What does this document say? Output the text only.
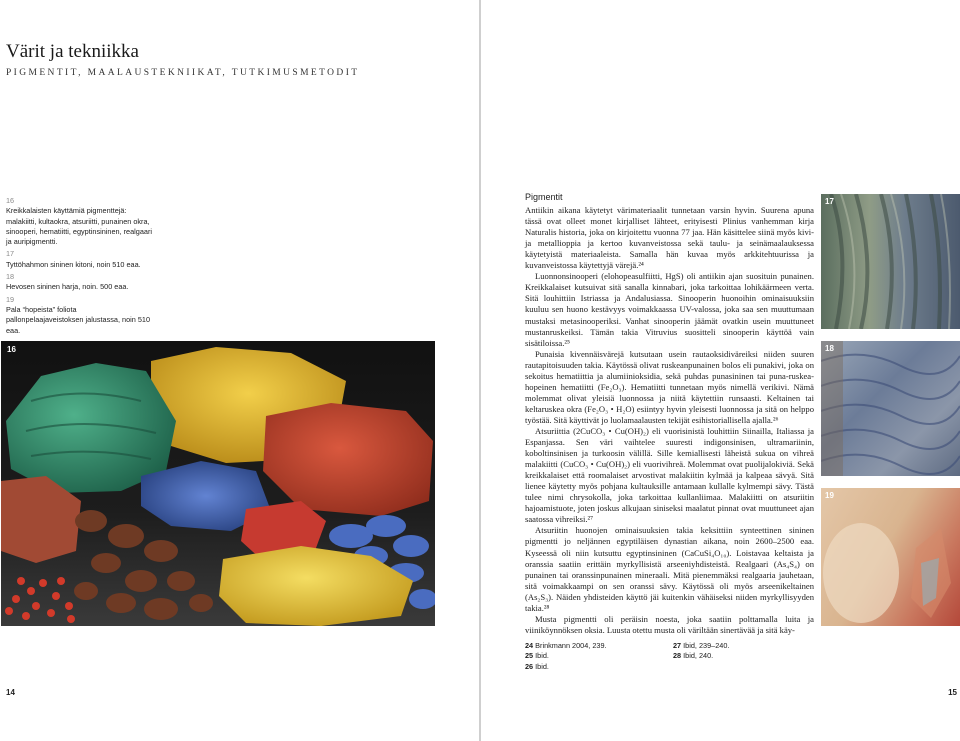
Värit ja tekniikka
PIGMENTIT, MAALAUSTEKNIIKAT, TUTKIMUSMETODIT
16
Kreikkalaisten käyttämiä pigmenttejä: malakiitti, kultaokra, atsuriitti, punainen okra, sinooperi, hematiitti, egyptinsininen, realgaari ja auripigmentti.
17
Tyttöhahmon sininen kitoni, noin 510 eaa.
18
Hevosen sininen harja, noin. 500 eaa.
19
Pala “hopeista” foliota pallonpelaajaveistoksen jalustassa, noin 510 eaa.
16
14
Pigmentit

Antiikin aikana käytetyt värimateriaalit tunnetaan varsin hyvin. Suurena apuna tässä ovat olleet monet kirjalliset lähteet, erityisesti Plinius vanhemman kirja Naturalis historia, joka on kirjoitettu vuonna 77 jaa. Hän käsittelee siinä myös kivi- ja metallioppia ja kertoo kuvanveistossa sekä taulu- ja seinämaalauksessa käytetyistä materiaaleista. Samalla hän kuvaa myös arkkitehtuurissa ja kuvanveistossa käytettyjä värejä.²⁴

Luonnonsinooperi (elohopeasulfiitti, HgS) oli antiikin ajan suosituin punainen. Kreikkalaiset kutsuivat sitä sanalla kinnabari, joka tarkoittaa lohikäärmeen verta. Sitä louhittiin Istriassa ja Andalusiassa. Sinooperin huonoihin ominaisuuksiin kuuluu sen huono kestävyys voimakkaassa UV-valossa, joka saa sen muuttumaan mustaksi metasinooperiksi. Vanhat sinooperin jäämät ovatkin usein muuttuneet mustanruskeiksi. Tämän takia Vitruvius suositteli sinooperin käyttöä vain sisätiloissa.²⁵

Punaisia kivennäisvärejä kutsutaan usein rautaoksidiväreiksi niiden suuren rautapitoisuuden takia. Käytössä olivat ruskeanpunainen bolos eli punakivi, joka on sekoitus hematiittia ja alumiinioksidia, sekä puhdas punasininen tai puna-ruskea-hopeinen hematiitti (Fe₂O₃). Hematiitti tunnetaan myös nimellä verikivi. Nämä molemmat olivat yleisiä luonnossa ja niitä käytettiin runsaasti. Keltainen tai keltaruskea okra (Fe₂O₃ • H₂O) esiintyy hyvin yleisesti luonnossa ja sitä on helppo työstää. Sitä käyttivät jo luolamaalausten tekijät esihistoriallisella ajalla.²⁶

Atsuriittia (2CuCO₃ • Cu(OH)₂) eli vuorisinistä louhittiin Siinailla, Italiassa ja Espanjassa. Sen väri vaihtelee suuresti indigonsinisen, ultramariinin, koboltinsinisen ja turkoosin välillä. Sille kemiallisesti läheistä sukua on vihreä malakiitti (CuCO₃ • Cu(OH)₂) eli vuorivihreä. Molemmat ovat puolijalokiviä. Sekä kreikkalaiset että roomalaiset arvostivat malakiitin kylmää ja kalpeaa sävyä. Sitä lienee käytetty myös pohjana kultauksille antamaan kullalle kylmempi sävy. Tästä tulee nimi chrysokolla, joka tarkoittaa kullanliimaa. Malakiitti on atsuriitin hajoamistuote, joten joskus alkujaan siniseksi maalatut pinnat ovat muuttuneet ajan saatossa vihreiksi.²⁷

Atsuriitin huonojen ominaisuuksien takia keksittiin synteettinen sininen pigmentti jo neljännen egyptiläisen dynastian aikana, noin 2600–2500 eaa. Kyseessä oli niin kutsuttu egyptinsininen (CaCuSi₄O₁₀). Loistavaa keltaista ja oranssia saatiin erittäin myrkyllisistä arseeniyhdisteistä. Realgaari (As₄S₄) on punainen tai oranssinpunainen mineraali. Mitä pienemmäksi realgaaria jauhetaan, sitä voimakkaampi on sen oranssi sävy. Käytössä oli myös arseenikeltainen (As₂S₃). Näiden yhdisteiden käyttö jäi kuitenkin vähäiseksi niiden myrkyllisyyden takia.²⁸

Musta pigmentti oli peräisin noesta, joka saatiin polttamalla luita ja viiniköynnöksen oksia. Luusta otettu musta oli väriltään sinertävää ja sitä käy-

24 Brinkmann 2004, 239.
25 Ibid.
26 Ibid.
27 Ibid, 239–240.
28 Ibid, 240.
17
18
19
15
